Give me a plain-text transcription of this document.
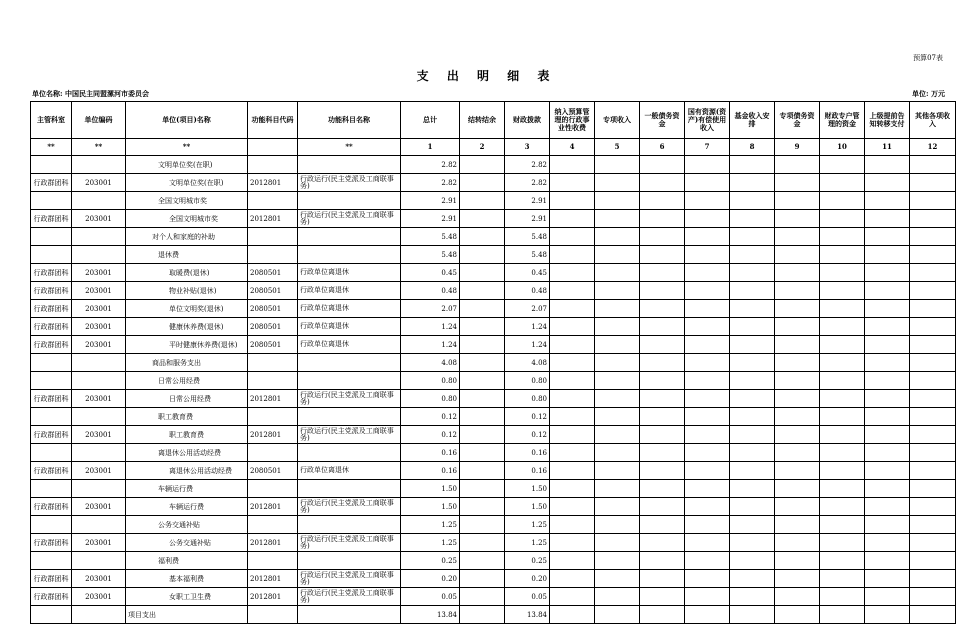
预算07表
支 出 明 细 表
单位名称: 中国民主同盟漯河市委员会	单位: 万元
主管科室	单位编码	单位(项目)名称	功能科目代码	功能科目名称	总计	结转结余	财政拨款	纳入预算管理的行政事业性收费	专项收入	一般债务资金	国有资源(资产)有偿使用收入	基金收入安排	专项债务资金	财政专户管理的资金	上级提前告知转移支付	其他各项收入
**	**	**		**	1	2	3	4	5	6	7	8	9	10	11	12
		文明单位奖(在职)			2.82		2.82									
行政群团科	203001	文明单位奖(在职)	2012801	行政运行(民主党派及工商联事务)	2.82		2.82									
		全国文明城市奖			2.91		2.91									
行政群团科	203001	全国文明城市奖	2012801	行政运行(民主党派及工商联事务)	2.91		2.91									
		对个人和家庭的补助			5.48		5.48									
		退休费			5.48		5.48									
行政群团科	203001	取暖费(退休)	2080501	行政单位离退休	0.45		0.45									
行政群团科	203001	物业补贴(退休)	2080501	行政单位离退休	0.48		0.48									
行政群团科	203001	单位文明奖(退休)	2080501	行政单位离退休	2.07		2.07									
行政群团科	203001	健康休养费(退休)	2080501	行政单位离退休	1.24		1.24									
行政群团科	203001	平时健康休养费(退休)	2080501	行政单位离退休	1.24		1.24									
		商品和服务支出			4.08		4.08									
		日常公用经费			0.80		0.80									
行政群团科	203001	日常公用经费	2012801	行政运行(民主党派及工商联事务)	0.80		0.80									
		职工教育费			0.12		0.12									
行政群团科	203001	职工教育费	2012801	行政运行(民主党派及工商联事务)	0.12		0.12									
		离退休公用活动经费			0.16		0.16									
行政群团科	203001	离退休公用活动经费	2080501	行政单位离退休	0.16		0.16									
		车辆运行费			1.50		1.50									
行政群团科	203001	车辆运行费	2012801	行政运行(民主党派及工商联事务)	1.50		1.50									
		公务交通补贴			1.25		1.25									
行政群团科	203001	公务交通补贴	2012801	行政运行(民主党派及工商联事务)	1.25		1.25									
		福利费			0.25		0.25									
行政群团科	203001	基本福利费	2012801	行政运行(民主党派及工商联事务)	0.20		0.20									
行政群团科	203001	女职工卫生费	2012801	行政运行(民主党派及工商联事务)	0.05		0.05									
		项目支出			13.84		13.84									
